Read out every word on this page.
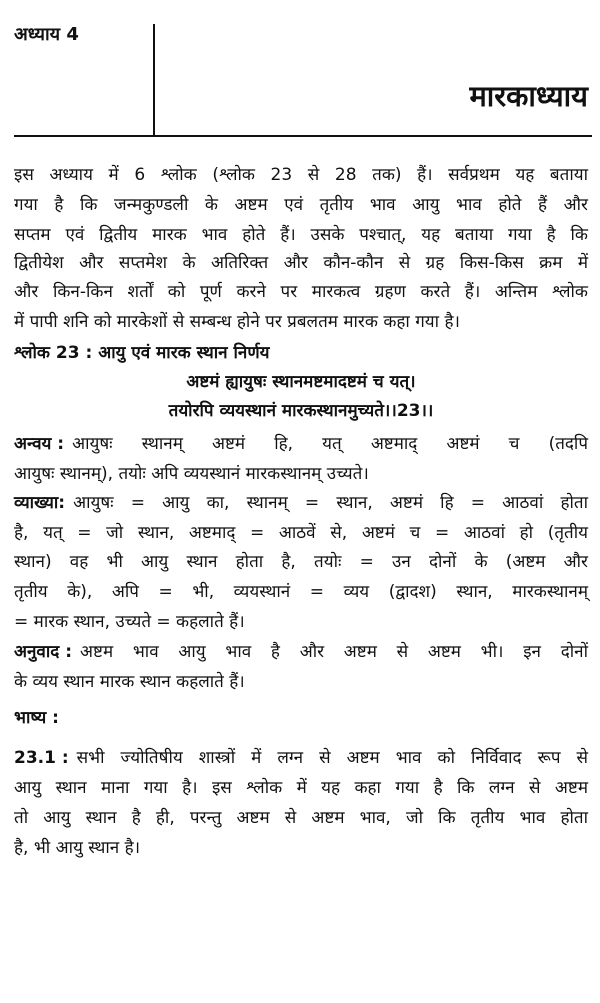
अध्याय 4
मारकाध्याय
इस अध्याय में 6 श्लोक (श्लोक 23 से 28 तक) हैं। सर्वप्रथम यह बताया
गया है कि जन्मकुण्डली के अष्टम एवं तृतीय भाव आयु भाव होते हैं और
सप्तम एवं द्वितीय मारक भाव होते हैं। उसके पश्चात्, यह बताया गया है कि
द्वितीयेश और सप्तमेश के अतिरिक्त और कौन-कौन से ग्रह किस-किस क्रम में
और किन-किन शर्तों को पूर्ण करने पर मारकत्व ग्रहण करते हैं। अन्तिम श्लोक
में पापी शनि को मारकेशों से सम्बन्ध होने पर प्रबलतम मारक कहा गया है।
श्लोक 23 : आयु एवं मारक स्थान निर्णय
अष्टमं ह्यायुषः स्थानमष्टमादष्टमं च यत्।
तयोरपि व्ययस्थानं मारकस्थानमुच्यते।।23।।
अन्वय : आयुषः स्थानम् अष्टमं हि, यत् अष्टमाद् अष्टमं च (तदपि
आयुषः स्थानम्), तयोः अपि व्ययस्थानं मारकस्थानम् उच्यते।
व्याख्या: आयुषः = आयु का, स्थानम् = स्थान, अष्टमं हि = आठवां होता
है, यत् = जो स्थान, अष्टमाद् = आठवें से, अष्टमं च = आठवां हो (तृतीय
स्थान) वह भी आयु स्थान होता है, तयोः = उन दोनों के (अष्टम और
तृतीय के), अपि = भी, व्ययस्थानं = व्यय (द्वादश) स्थान, मारकस्थानम्
= मारक स्थान, उच्यते = कहलाते हैं।
अनुवाद : अष्टम भाव आयु भाव है और अष्टम से अष्टम भी। इन दोनों
के व्यय स्थान मारक स्थान कहलाते हैं।
भाष्य :
23.1 : सभी ज्योतिषीय शास्त्रों में लग्न से अष्टम भाव को निर्विवाद रूप से
आयु स्थान माना गया है। इस श्लोक में यह कहा गया है कि लग्न से अष्टम
तो आयु स्थान है ही, परन्तु अष्टम से अष्टम भाव, जो कि तृतीय भाव होता
है, भी आयु स्थान है।
